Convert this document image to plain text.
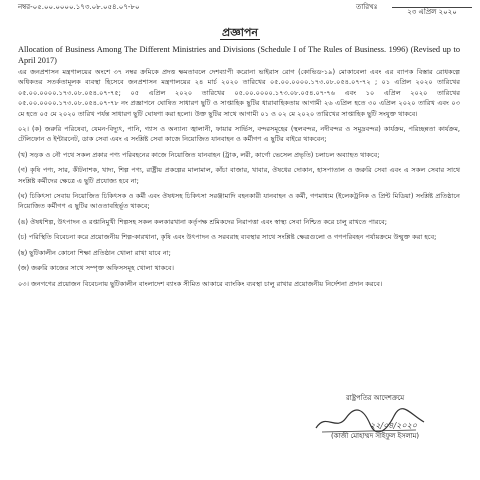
নম্বর-০৫.০০.০০০০.১৭৩.০৮.০৫৪.০৭-৮০	তারিখঃ

২৩ এপ্রিল ২০২০
প্রজ্ঞাপন
Allocation of Business Among The Different Ministries and Divisions (Schedule I of The Rules of Business. 1996) (Revised up to April 2017)
এর জনপ্রশাসন মন্ত্রণালয়ের অংশে ৩৭ নম্বর ক্রমিকে প্রদত্ত ক্ষমতাবলে দেশব্যাপী করোনা ভাইরাস রোগ (কোভিড-১৯) মোকাবেলা এবং এর ব্যাপক বিস্তার রোধকল্পে অধিকতর সতর্কতামূলক ব্যবস্থা হিসেবে জনপ্রশাসন মন্ত্রণালয়ের ২৪ মার্চ ২০২০ তারিখের ০৫.০০.০০০০.১৭৩.০৮.০৫৪.০৭-৭২ ; ০১ এপ্রিল ২০২০ তারিখের ০৫.০০.০০০০.১৭৩.০৮.০৫৪.০৭-৭৫; ০৫ এপ্রিল ২০২০ তারিখের ০৫.০০.০০০০.১৭৩.০৮.০৫৪.০৭-৭৬ এবং ১০ এপ্রিল ২০২০ তারিখের ০৫.০০.০০০০.১৭৩.০৮.০৫৪.০৭-৭৮ নং প্রজ্ঞাপনে ঘোষিত সাধারণ ছুটি ও সাপ্তাহিক ছুটির ধারাবাহিকতায় আগামী ২৬ এপ্রিল হতে ৩০ এপ্রিল ২০২০ তারিখ এবং ০৩ মে হতে ০৫ মে ২০২০ তারিখ পর্যন্ত সাধারণ ছুটি ঘোষণা করা হলো। উক্ত ছুটির সাথে আগামী ০১ ও ০২ মে ২০২০ তারিখের সাপ্তাহিক ছুটি সংযুক্ত থাকবে।
০২। (ক) জরুরি পরিষেবা, যেমন-বিদ্যুৎ, পানি, গ্যাস ও অন্যান্য জ্বালানী, ফায়ার সার্ভিস, বন্দরসমূহের (স্থলবন্দর, নদীবন্দর ও সমুদ্রবন্দর) কার্যক্রম, পরিচ্ছন্নতা কার্যক্রম, টেলিফোন ও ইন্টারনেট, ডাক সেবা এবং এ সংশ্লিষ্ট সেবা কাজে নিয়োজিত যানবাহন ও কর্মীগণ এ ছুটির বাইরে থাকবেন;
(খ) সড়ক ও নৌ পথে সকল প্রকার পণ্য পরিবহনের কাজে নিয়োজিত যানবাহন (ট্রাক, লরী, কার্গো ভেসেল প্রভৃতি) চলাচল অব্যাহত থাকবে;
(গ) কৃষি পণ্য, সার, কীটনাশক, খাদ্য, শিল্প পণ্য, রাষ্ট্রীয় প্রকল্পের মালামাল, কাঁচা বাজার, খাবার, ঔষধের দোকান, হাসপাতাল ও জরুরি সেবা এবং এ সকল সেবার সাথে সংশ্লিষ্ট কর্মীদের ক্ষেত্রে এ ছুটি প্রযোজ্য হবে না;
(ঘ) চিকিৎসা সেবায় নিয়োজিত চিকিৎসক ও কর্মী এবং ঔষধসহ চিকিৎসা সরঞ্জামাদি বহনকারী যানবাহন ও কর্মী, গণমাধ্যম (ইলেকট্রনিক ও প্রিন্ট মিডিয়া) সংশ্লিষ্ট প্রতিষ্ঠানে নিয়োজিত কর্মীগণ এ ছুটির আওতাবহির্ভূত থাকবে;
(ঙ) ঔষধশিল্প, উৎপাদন ও রপ্তানিমুখী শিল্পসহ সকল কলকারখানা কর্তৃপক্ষ শ্রমিকদের নিরাপত্তা এবং স্বাস্থ্য সেবা নিশ্চিত করে চালু রাখতে পারবে;
(চ) পরিস্থিতি বিবেচনা করে প্রয়োজনীয় শিল্প-কারখানা, কৃষি এবং উৎপাদন ও সরবরাহ ব্যবস্থার সাথে সংশ্লিষ্ট ক্ষেত্রগুলো ও গণপরিবহন পর্যায়ক্রমে উন্মুক্ত করা হবে;
(ছ) ছুটিকালীন কোনো শিক্ষা প্রতিষ্ঠান খোলা রাখা যাবে না;
(জ) জরুরি কাজের সাথে সম্পৃক্ত অফিসসমূহ খোলা থাকবে।
০৩। জনগণের প্রয়োজন বিবেচনায় ছুটিকালীন বাংলাদেশ ব্যাংক সীমিত আকারে ব্যাংকিং ব্যবস্থা চালু রাখার প্রয়োজনীয় নির্দেশনা প্রদান করবে।
রাষ্ট্রপতির আদেশক্রমে
২২/০৪/২০২০
(কাজী মোহাম্মদ সাইফুল ইসলাম)
